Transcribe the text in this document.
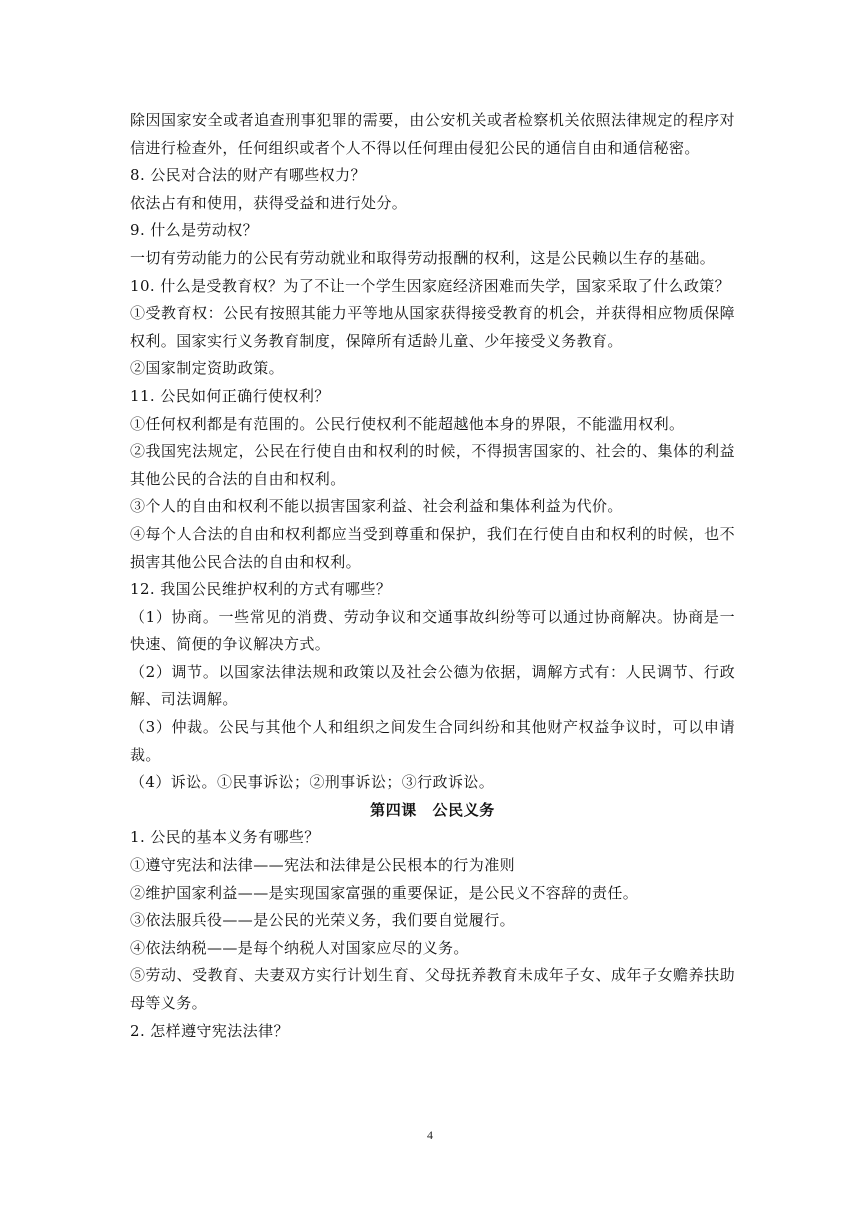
除因国家安全或者追查刑事犯罪的需要，由公安机关或者检察机关依照法律规定的程序对
信进行检查外，任何组织或者个人不得以任何理由侵犯公民的通信自由和通信秘密。
8. 公民对合法的财产有哪些权力？
依法占有和使用，获得受益和进行处分。
9. 什么是劳动权？
一切有劳动能力的公民有劳动就业和取得劳动报酬的权利，这是公民赖以生存的基础。
10. 什么是受教育权？为了不让一个学生因家庭经济困难而失学，国家采取了什么政策？
①受教育权：公民有按照其能力平等地从国家获得接受教育的机会，并获得相应物质保障
权利。国家实行义务教育制度，保障所有适龄儿童、少年接受义务教育。
②国家制定资助政策。
11. 公民如何正确行使权利？
①任何权利都是有范围的。公民行使权利不能超越他本身的界限，不能滥用权利。
②我国宪法规定，公民在行使自由和权利的时候，不得损害国家的、社会的、集体的利益
其他公民的合法的自由和权利。
③个人的自由和权利不能以损害国家利益、社会利益和集体利益为代价。
④每个人合法的自由和权利都应当受到尊重和保护，我们在行使自由和权利的时候，也不
损害其他公民合法的自由和权利。
12. 我国公民维护权利的方式有哪些？
（1）协商。一些常见的消费、劳动争议和交通事故纠纷等可以通过协商解决。协商是一
快速、简便的争议解决方式。
（2）调节。以国家法律法规和政策以及社会公德为依据，调解方式有：人民调节、行政
解、司法调解。
（3）仲裁。公民与其他个人和组织之间发生合同纠纷和其他财产权益争议时，可以申请
裁。
（4）诉讼。①民事诉讼；②刑事诉讼；③行政诉讼。
第四课　公民义务
1. 公民的基本义务有哪些？
①遵守宪法和法律——宪法和法律是公民根本的行为准则
②维护国家利益——是实现国家富强的重要保证，是公民义不容辞的责任。
③依法服兵役——是公民的光荣义务，我们要自觉履行。
④依法纳税——是每个纳税人对国家应尽的义务。
⑤劳动、受教育、夫妻双方实行计划生育、父母抚养教育未成年子女、成年子女赡养扶助
母等义务。
2. 怎样遵守宪法法律？
4
